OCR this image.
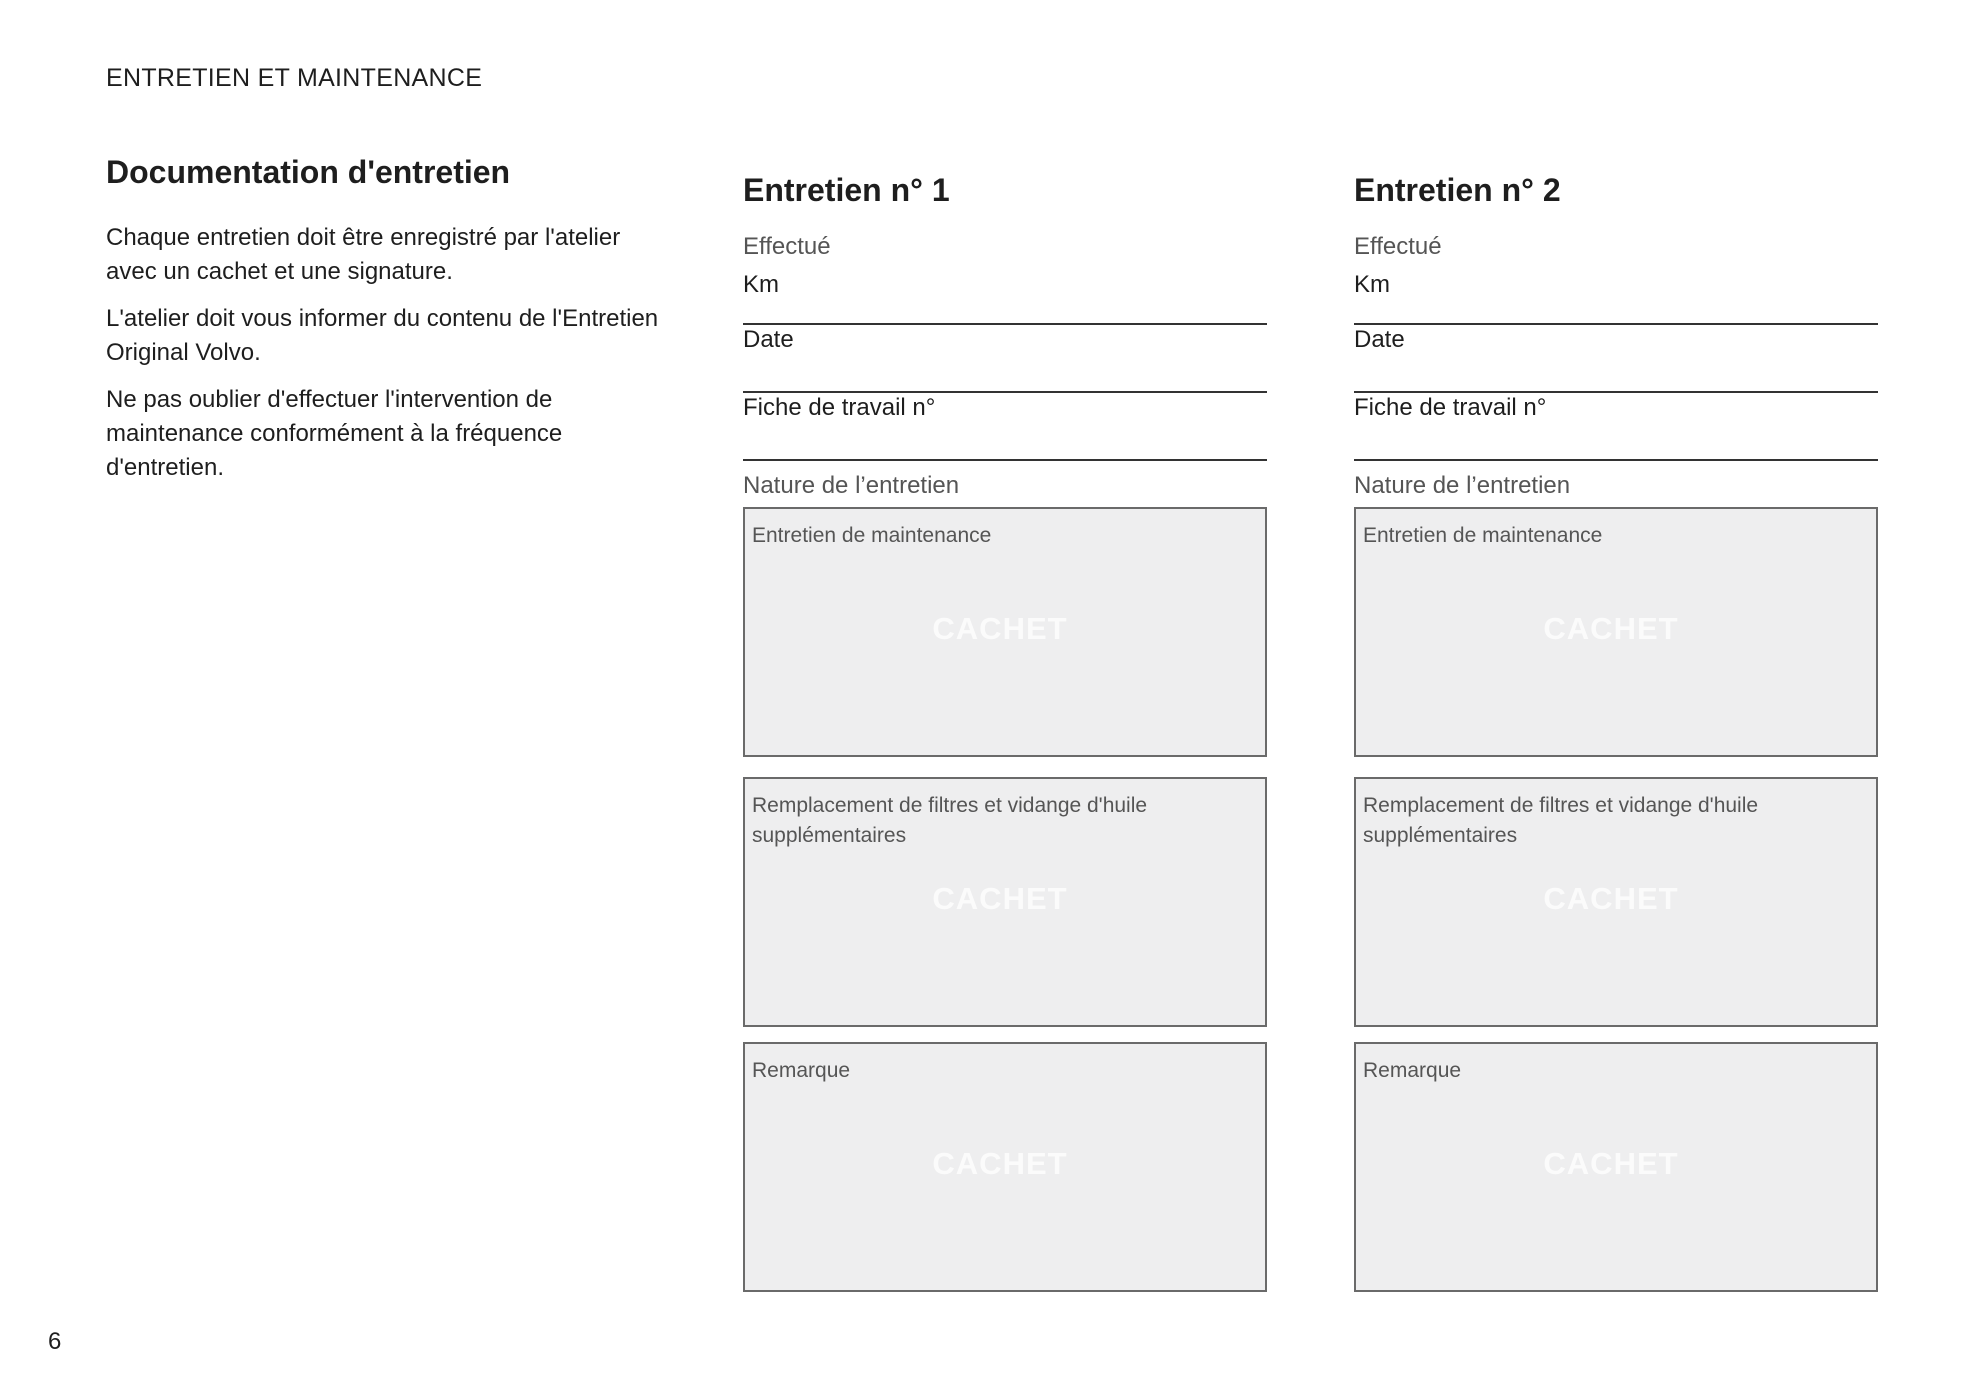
ENTRETIEN ET MAINTENANCE
Documentation d'entretien

Chaque entretien doit être enregistré par l'atelier avec un cachet et une signature.

L'atelier doit vous informer du contenu de l'Entretien Original Volvo.

Ne pas oublier d'effectuer l'intervention de maintenance conformément à la fréquence d'entretien.

Entretien n° 1
Effectué
Km
Date
Fiche de travail n°
Nature de l’entretien
Entretien de maintenance
CACHET
Remplacement de filtres et vidange d'huile supplémentaires
CACHET
Remarque
CACHET
Entretien n° 2
Effectué
Km
Date
Fiche de travail n°
Nature de l’entretien
Entretien de maintenance
CACHET
Remplacement de filtres et vidange d'huile supplémentaires
CACHET
Remarque
CACHET
6
